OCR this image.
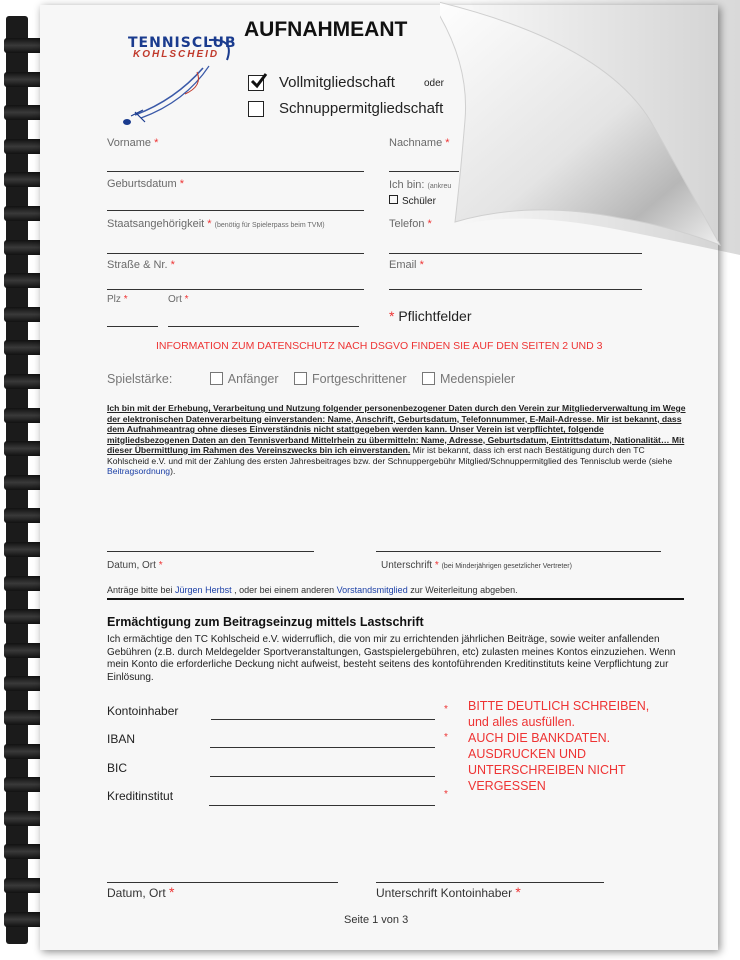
TENNISCLUB
KOHLSCHEID
AUFNAHMEANT
Vollmitgliedschaft	oder
Schnuppermitgliedschaft
Vorname *	Nachname *
Geburtsdatum *	Ich bin: (ankreu
Schüler
Staatsangehörigkeit * (benötig für Spielerpass beim TVM)	Telefon *
Straße & Nr. *	Email *
Plz *	Ort *
* Pflichtfelder
INFORMATION ZUM DATENSCHUTZ NACH DSGVO FINDEN SIE AUF DEN SEITEN 2 UND 3
Spielstärke:	Anfänger	Fortgeschrittener	Medenspieler
Ich bin mit der Erhebung, Verarbeitung und Nutzung folgender personenbezogener Daten durch den Verein zur Mitgliederverwaltung im Wege der elektronischen Datenverarbeitung einverstanden: Name, Anschrift, Geburtsdatum, Telefonnummer, E-Mail-Adresse. Mir ist bekannt, dass dem Aufnahmeantrag ohne dieses Einverständnis nicht stattgegeben werden kann. Unser Verein ist verpflichtet, folgende mitgliedsbezogenen Daten an den Tennisverband Mittelrhein zu übermitteln: Name, Adresse, Geburtsdatum, Eintrittsdatum, Nationalität… Mit dieser Übermittlung im Rahmen des Vereinszwecks bin ich einverstanden. Mir ist bekannt, dass ich erst nach Bestätigung durch den TC Kohlscheid e.V. und mit der Zahlung des ersten Jahresbeitrages bzw. der Schnuppergebühr Mitglied/Schnuppermitglied des Tennisclub werde (siehe Beitragsordnung).
Datum, Ort *	Unterschrift * (bei Minderjährigen gesetzlicher Vertreter)
Anträge bitte bei Jürgen Herbst , oder bei einem anderen Vorstandsmitglied zur Weiterleitung abgeben.
Ermächtigung zum Beitragseinzug mittels Lastschrift
Ich ermächtige den TC Kohlscheid e.V. widerruflich, die von mir zu errichtenden jährlichen Beiträge, sowie weiter anfallenden Gebühren (z.B. durch Meldegelder Sportveranstaltungen, Gastspielergebühren, etc) zulasten meines Kontos einzuziehen. Wenn mein Konto die erforderliche Deckung nicht aufweist, besteht seitens des kontoführenden Kreditinstituts keine Verpflichtung zur Einlösung.
Kontoinhaber
IBAN
BIC
Kreditinstitut
*
*
*
BITTE DEUTLICH SCHREIBEN,
und alles ausfüllen.
AUCH DIE BANKDATEN.
AUSDRUCKEN UND
UNTERSCHREIBEN NICHT
VERGESSEN
Datum, Ort *	Unterschrift Kontoinhaber *
Seite 1 von 3
